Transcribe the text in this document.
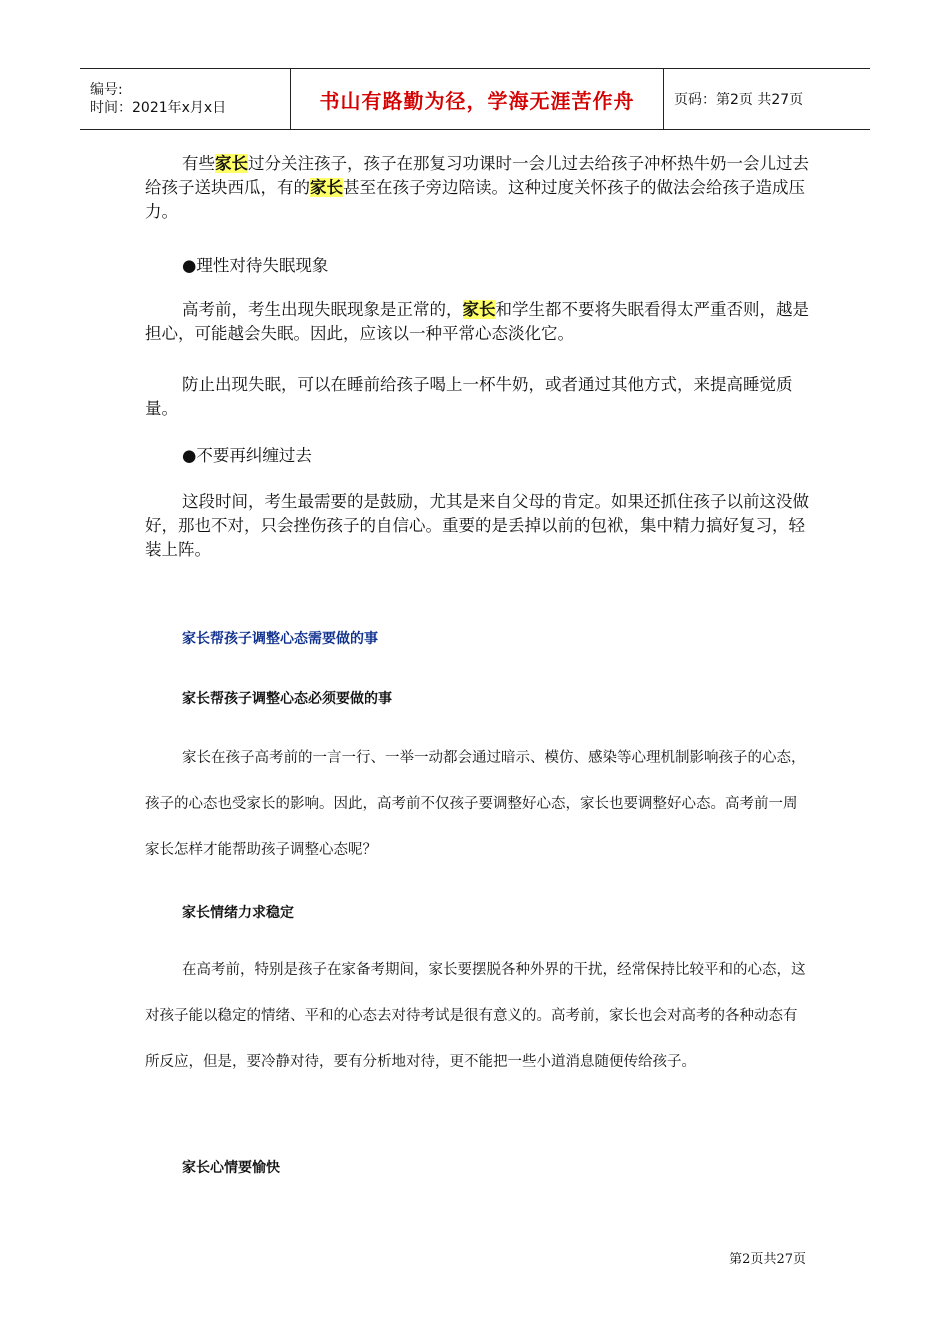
编号:
时间：2021年x月x日	书山有路勤为径，学海无涯苦作舟	页码：第2页 共27页

有些家长过分关注孩子，孩子在那复习功课时一会儿过去给孩子冲杯热牛奶一会儿过去给孩子送块西瓜，有的家长甚至在孩子旁边陪读。这种过度关怀孩子的做法会给孩子造成压力。

●理性对待失眠现象

高考前，考生出现失眠现象是正常的，家长和学生都不要将失眠看得太严重否则，越是担心，可能越会失眠。因此，应该以一种平常心态淡化它。

防止出现失眠，可以在睡前给孩子喝上一杯牛奶，或者通过其他方式，来提高睡觉质量。

●不要再纠缠过去

这段时间，考生最需要的是鼓励，尤其是来自父母的肯定。如果还抓住孩子以前这没做好，那也不对，只会挫伤孩子的自信心。重要的是丢掉以前的包袱，集中精力搞好复习，轻装上阵。

家长帮孩子调整心态需要做的事
家长帮孩子调整心态必须要做的事

家长在孩子高考前的一言一行、一举一动都会通过暗示、模仿、感染等心理机制影响孩子的心态，孩子的心态也受家长的影响。因此，高考前不仅孩子要调整好心态，家长也要调整好心态。高考前一周家长怎样才能帮助孩子调整心态呢？

家长情绪力求稳定

在高考前，特别是孩子在家备考期间，家长要摆脱各种外界的干扰，经常保持比较平和的心态，这对孩子能以稳定的情绪、平和的心态去对待考试是很有意义的。高考前，家长也会对高考的各种动态有所反应，但是，要冷静对待，要有分析地对待，更不能把一些小道消息随便传给孩子。

家长心情要愉快
第2页共27页
